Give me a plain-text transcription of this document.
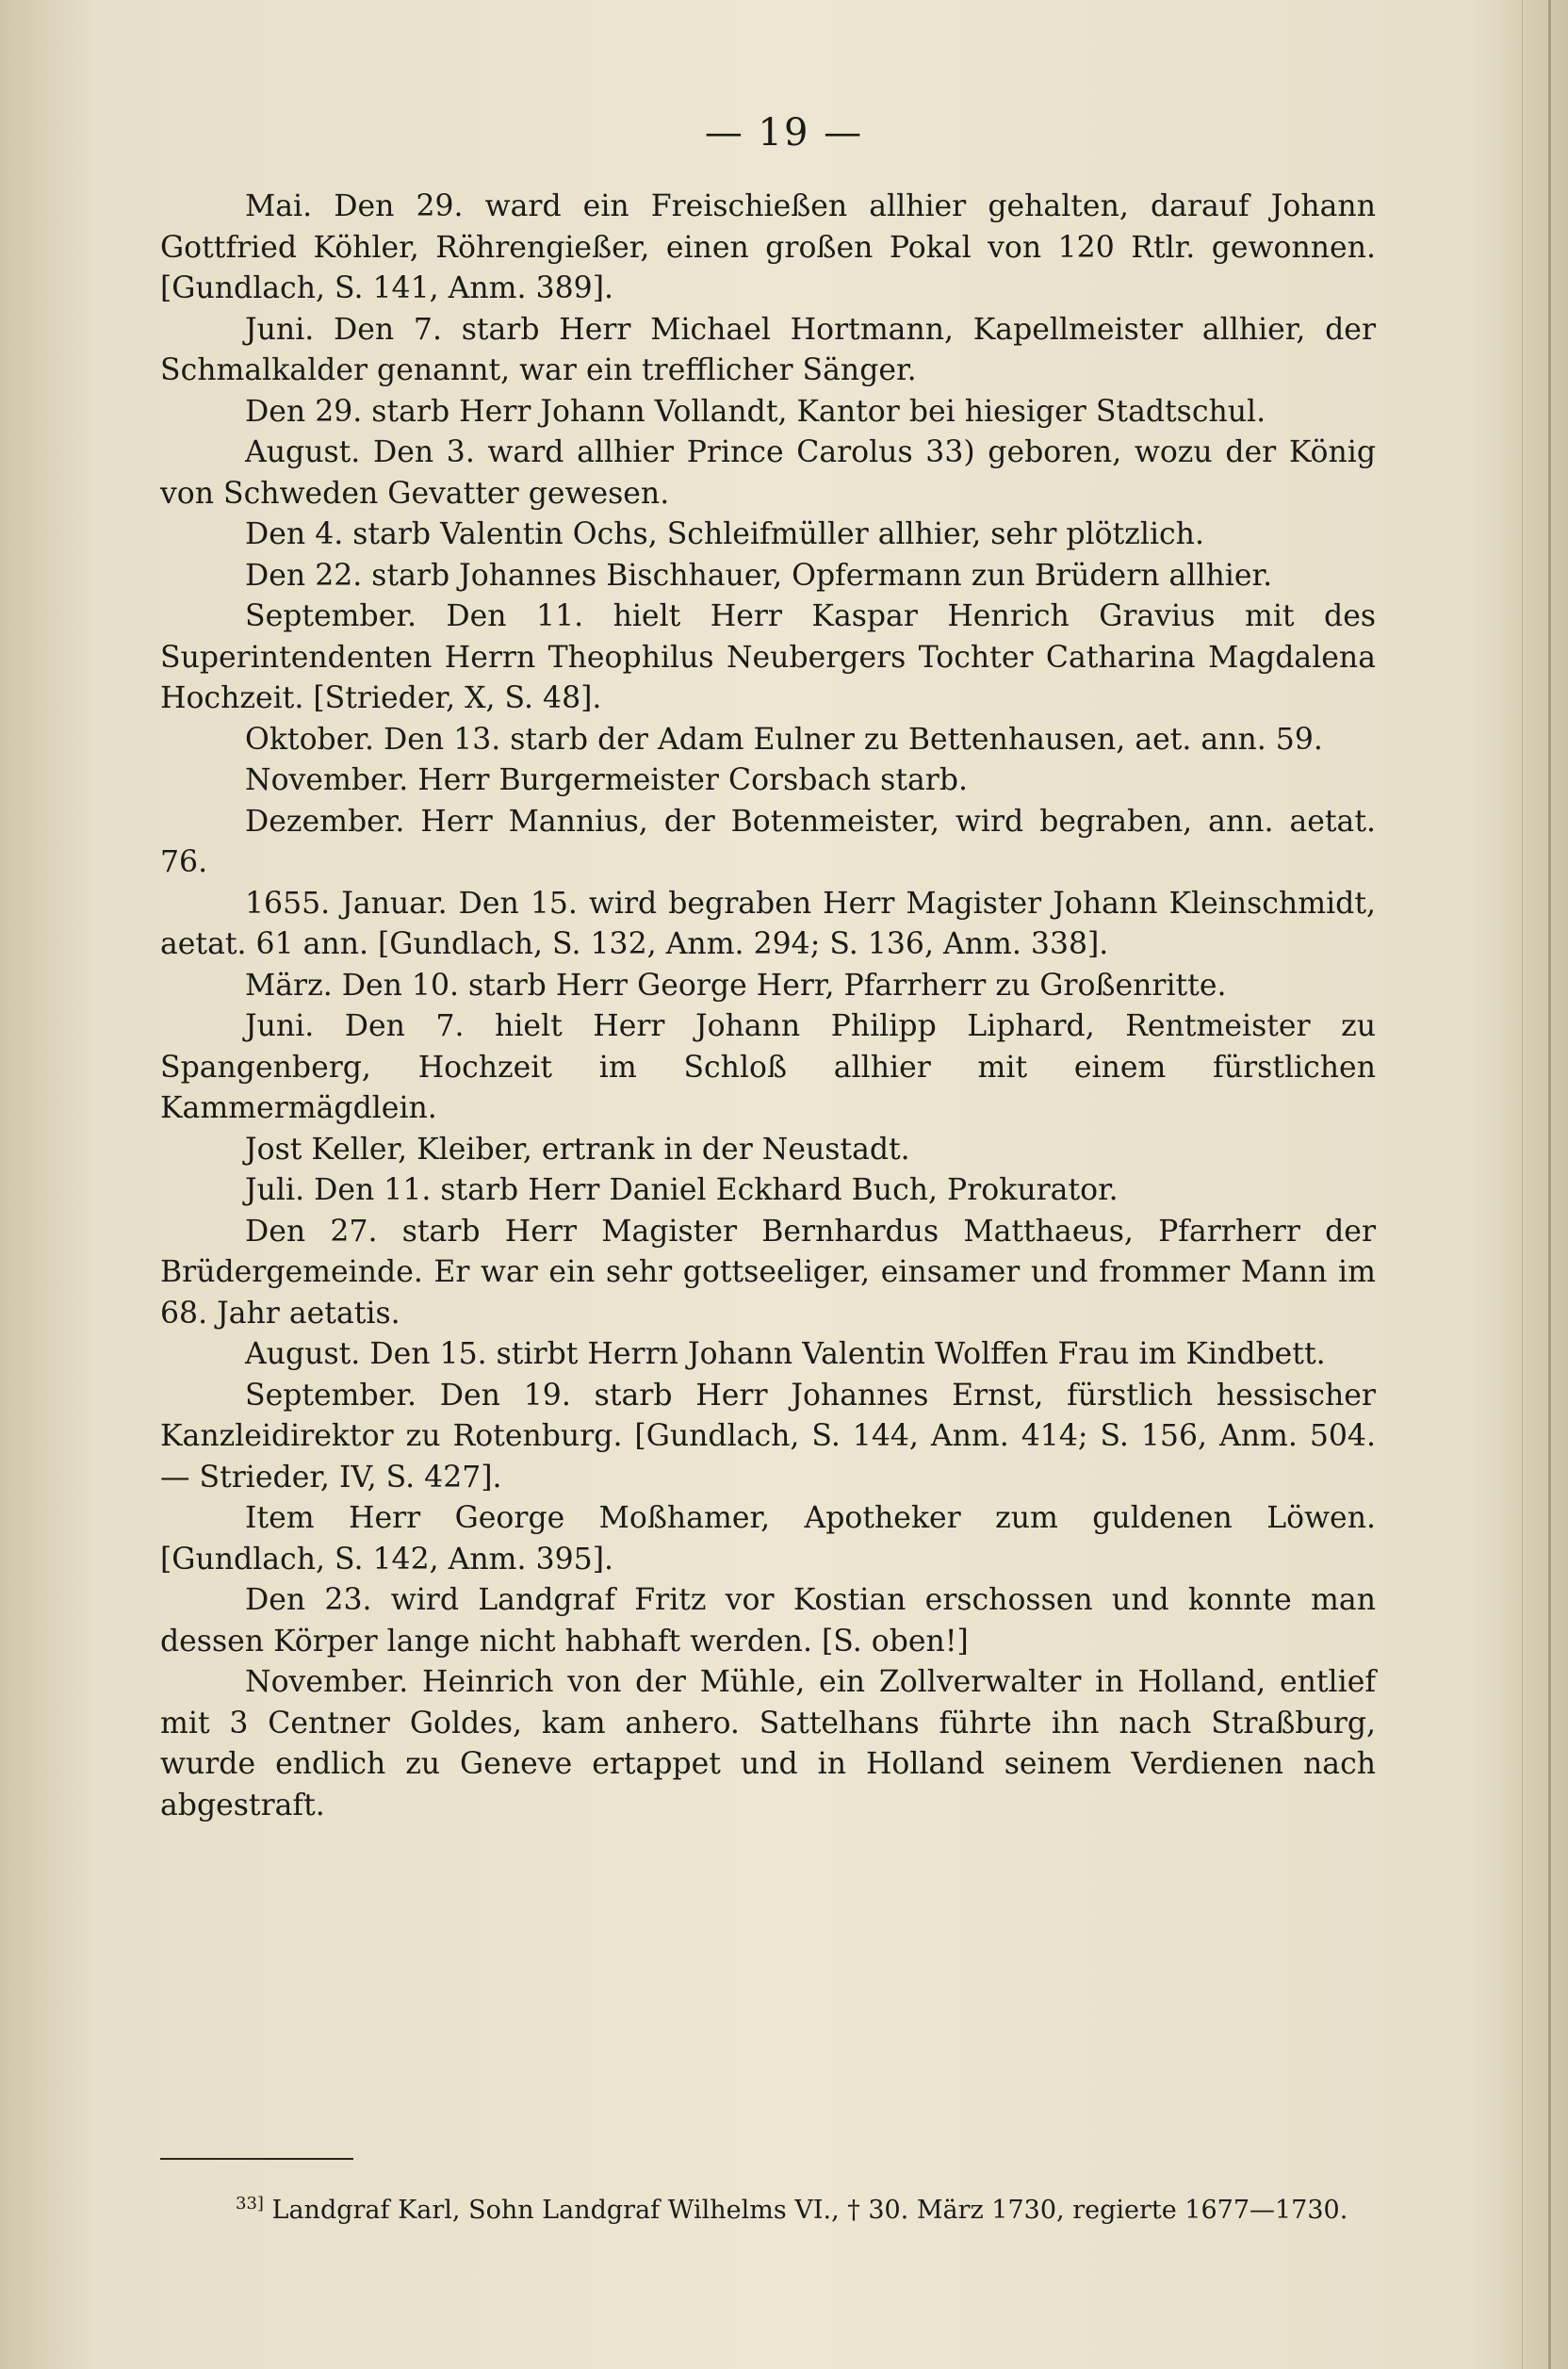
— 19 —

Mai. Den 29. ward ein Freischießen allhier gehalten, darauf Johann Gottfried Köhler, Röhrengießer, einen großen Pokal von 120 Rtlr. gewonnen. [Gundlach, S. 141, Anm. 389].

Juni. Den 7. starb Herr Michael Hortmann, Kapellmeister allhier, der Schmalkalder genannt, war ein trefflicher Sänger.

Den 29. starb Herr Johann Vollandt, Kantor bei hiesiger Stadtschul.

August. Den 3. ward allhier Prince Carolus 33) geboren, wozu der König von Schweden Gevatter gewesen.

Den 4. starb Valentin Ochs, Schleifmüller allhier, sehr plötzlich.

Den 22. starb Johannes Bischhauer, Opfermann zun Brüdern allhier.

September. Den 11. hielt Herr Kaspar Henrich Gravius mit des Superintendenten Herrn Theophilus Neubergers Tochter Catharina Magdalena Hochzeit. [Strieder, X, S. 48].

Oktober. Den 13. starb der Adam Eulner zu Bettenhausen, aet. ann. 59.

November. Herr Burgermeister Corsbach starb.

Dezember. Herr Mannius, der Botenmeister, wird begraben, ann. aetat. 76.

1655. Januar. Den 15. wird begraben Herr Magister Johann Kleinschmidt, aetat. 61 ann. [Gundlach, S. 132, Anm. 294; S. 136, Anm. 338].

März. Den 10. starb Herr George Herr, Pfarrherr zu Großenritte.

Juni. Den 7. hielt Herr Johann Philipp Liphard, Rentmeister zu Spangenberg, Hochzeit im Schloß allhier mit einem fürstlichen Kammermägdlein.

Jost Keller, Kleiber, ertrank in der Neustadt.

Juli. Den 11. starb Herr Daniel Eckhard Buch, Prokurator.

Den 27. starb Herr Magister Bernhardus Matthaeus, Pfarrherr der Brüdergemeinde. Er war ein sehr gottseeliger, einsamer und frommer Mann im 68. Jahr aetatis.

August. Den 15. stirbt Herrn Johann Valentin Wolffen Frau im Kindbett.

September. Den 19. starb Herr Johannes Ernst, fürstlich hessischer Kanzleidirektor zu Rotenburg. [Gundlach, S. 144, Anm. 414; S. 156, Anm. 504. — Strieder, IV, S. 427].

Item Herr George Moßhamer, Apotheker zum guldenen Löwen. [Gundlach, S. 142, Anm. 395].

Den 23. wird Landgraf Fritz vor Kostian erschossen und konnte man dessen Körper lange nicht habhaft werden. [S. oben!]

November. Heinrich von der Mühle, ein Zollverwalter in Holland, entlief mit 3 Centner Goldes, kam anhero. Sattelhans führte ihn nach Straßburg, wurde endlich zu Geneve ertappet und in Holland seinem Verdienen nach abgestraft.

$^{33]}$ Landgraf Karl, Sohn Landgraf Wilhelms VI., † 30. März 1730, regierte 1677—1730.
